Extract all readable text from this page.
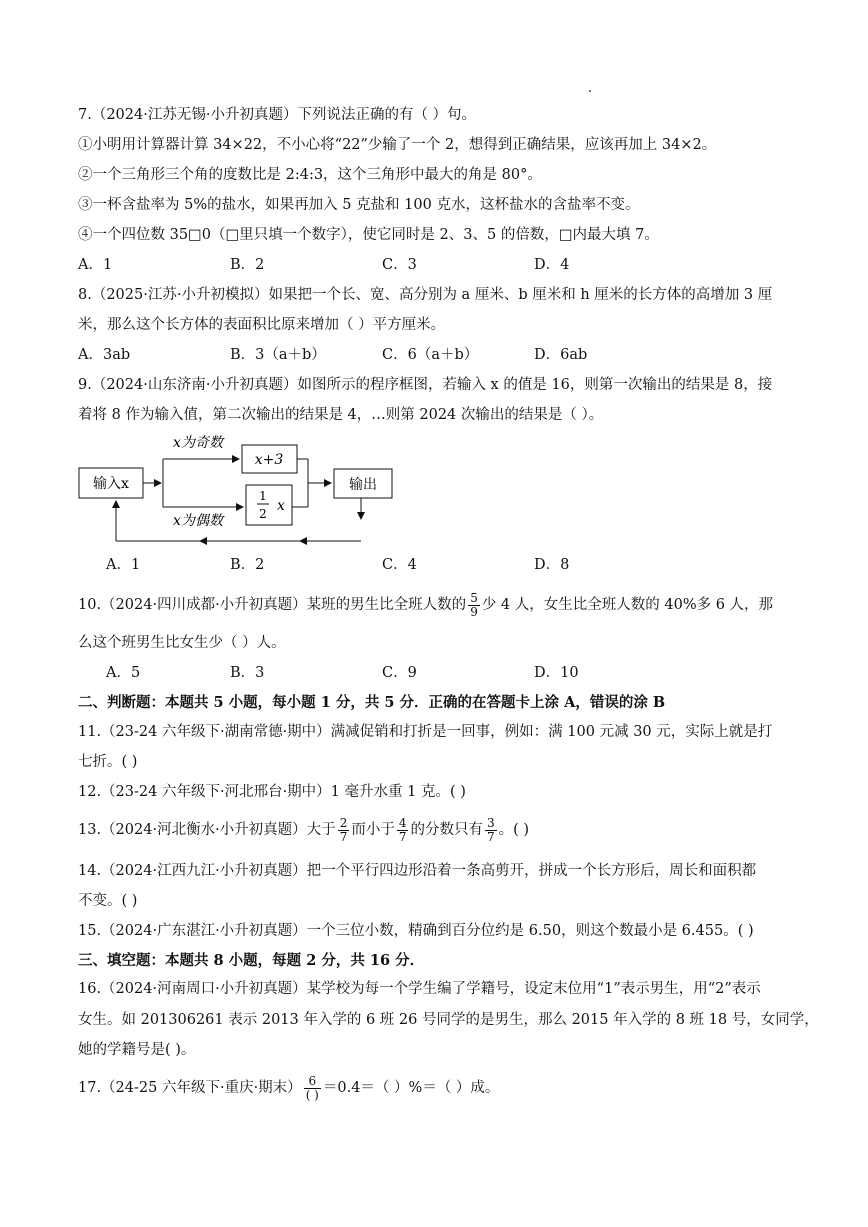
7.（2024·江苏无锡·小升初真题）下列说法正确的有（ ）句。
①小明用计算器计算 34×22，不小心将“22”少输了一个 2，想得到正确结果，应该再加上 34×2。
②一个三角形三个角的度数比是 2:4:3，这个三角形中最大的角是 80°。
③一杯含盐率为 5%的盐水，如果再加入 5 克盐和 100 克水，这杯盐水的含盐率不变。
④一个四位数 35□0（□里只填一个数字），使它同时是 2、3、5 的倍数，□内最大填 7。
A．1	B．2	C．3	D．4
8.（2025·江苏·小升初模拟）如果把一个长、宽、高分别为 a 厘米、b 厘米和 h 厘米的长方体的高增加 3 厘
米，那么这个长方体的表面积比原来增加（ ）平方厘米。
A．3ab	B．3（a＋b）	C．6（a＋b）	D．6ab
9.（2024·山东济南·小升初真题）如图所示的程序框图，若输入 x 的值是 16，则第一次输出的结果是 8，接
着将 8 作为输入值，第二次输出的结果是 4，…则第 2024 次输出的结果是（ ）。
输入x
x为奇数
x+3
x为偶数
1
2 x
输出
A．1	B．2	C．4	D．8
10.（2024·四川成都·小升初真题）某班的男生比全班人数的 $\frac{5}{9}$ 少 4 人，女生比全班人数的 40%多 6 人，那
么这个班男生比女生少（ ）人。
A．5	B．3	C．9	D．10
二、判断题：本题共 5 小题，每小题 1 分，共 5 分．正确的在答题卡上涂 A，错误的涂 B
11.（23-24 六年级下·湖南常德·期中）满减促销和打折是一回事，例如：满 100 元减 30 元，实际上就是打
七折。( )
12.（23-24 六年级下·河北邢台·期中）1 毫升水重 1 克。( )
13.（2024·河北衡水·小升初真题）大于 $\frac{2}{7}$ 而小于 $\frac{4}{7}$ 的分数只有 $\frac{3}{7}$ 。( )
14.（2024·江西九江·小升初真题）把一个平行四边形沿着一条高剪开，拼成一个长方形后，周长和面积都
不变。( )
15.（2024·广东湛江·小升初真题）一个三位小数，精确到百分位约是 6.50，则这个数最小是 6.455。( )
三、填空题：本题共 8 小题，每题 2 分，共 16 分．
16.（2024·河南周口·小升初真题）某学校为每一个学生编了学籍号，设定末位用“1”表示男生，用“2”表示
女生。如 201306261 表示 2013 年入学的 6 班 26 号同学的是男生，那么 2015 年入学的 8 班 18 号，女同学，
她的学籍号是( )。
17.（24-25 六年级下·重庆·期末） $\frac{6}{( )} =0.4=$（ ）%＝（ ）成。
